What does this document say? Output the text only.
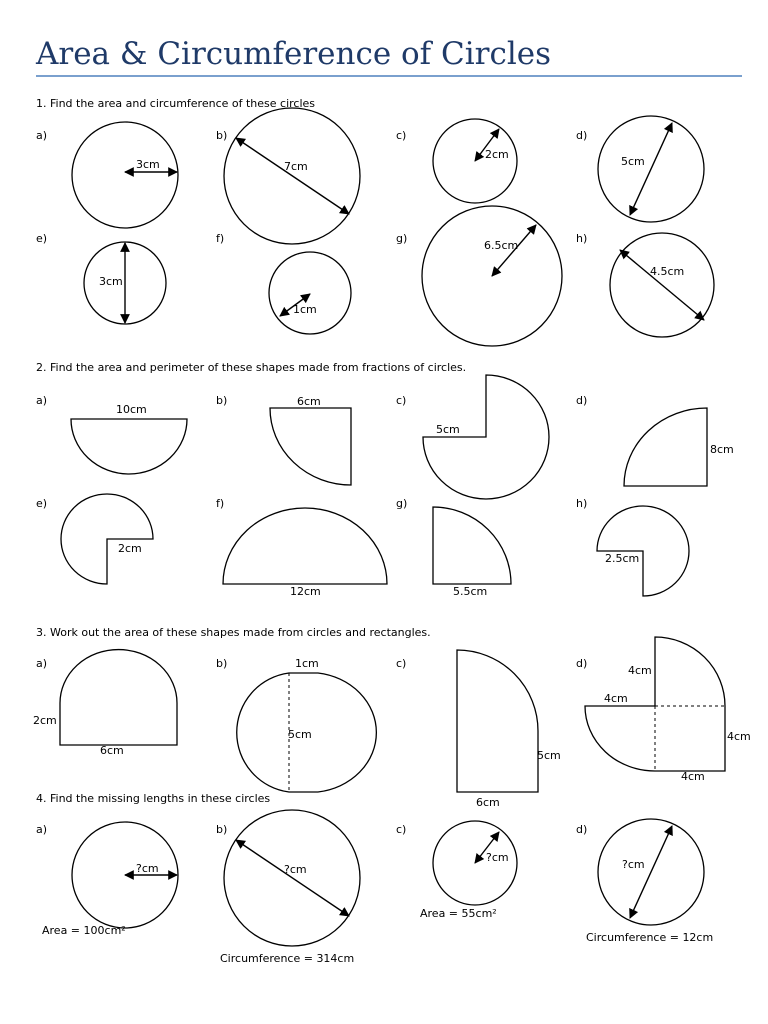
Area & Circumference of Circles
1. Find the area and circumference of these circles
a)
3cm
b)
7cm
c)
2cm
d)
5cm
e)
3cm
f)
1cm
g)
6.5cm
h)
4.5cm
2. Find the area and perimeter of these shapes made from fractions of circles.
a)
10cm
b)	6cm	c)
5cm
d)
8cm
e)
2cm
f)
12cm
g)
5.5cm
h)
2.5cm
3. Work out the area of these shapes made from circles and rectangles.
a)
2cm
6cm
b)	1cm
5cm
c)
5cm
6cm
d)
4cm
4cm
4cm
4cm
4. Find the missing lengths in these circles
a)
?cm
Area = 100cm²
b)
?cm
Circumference = 314cm
c)
?cm
Area = 55cm²
d)
?cm
Circumference = 12cm
